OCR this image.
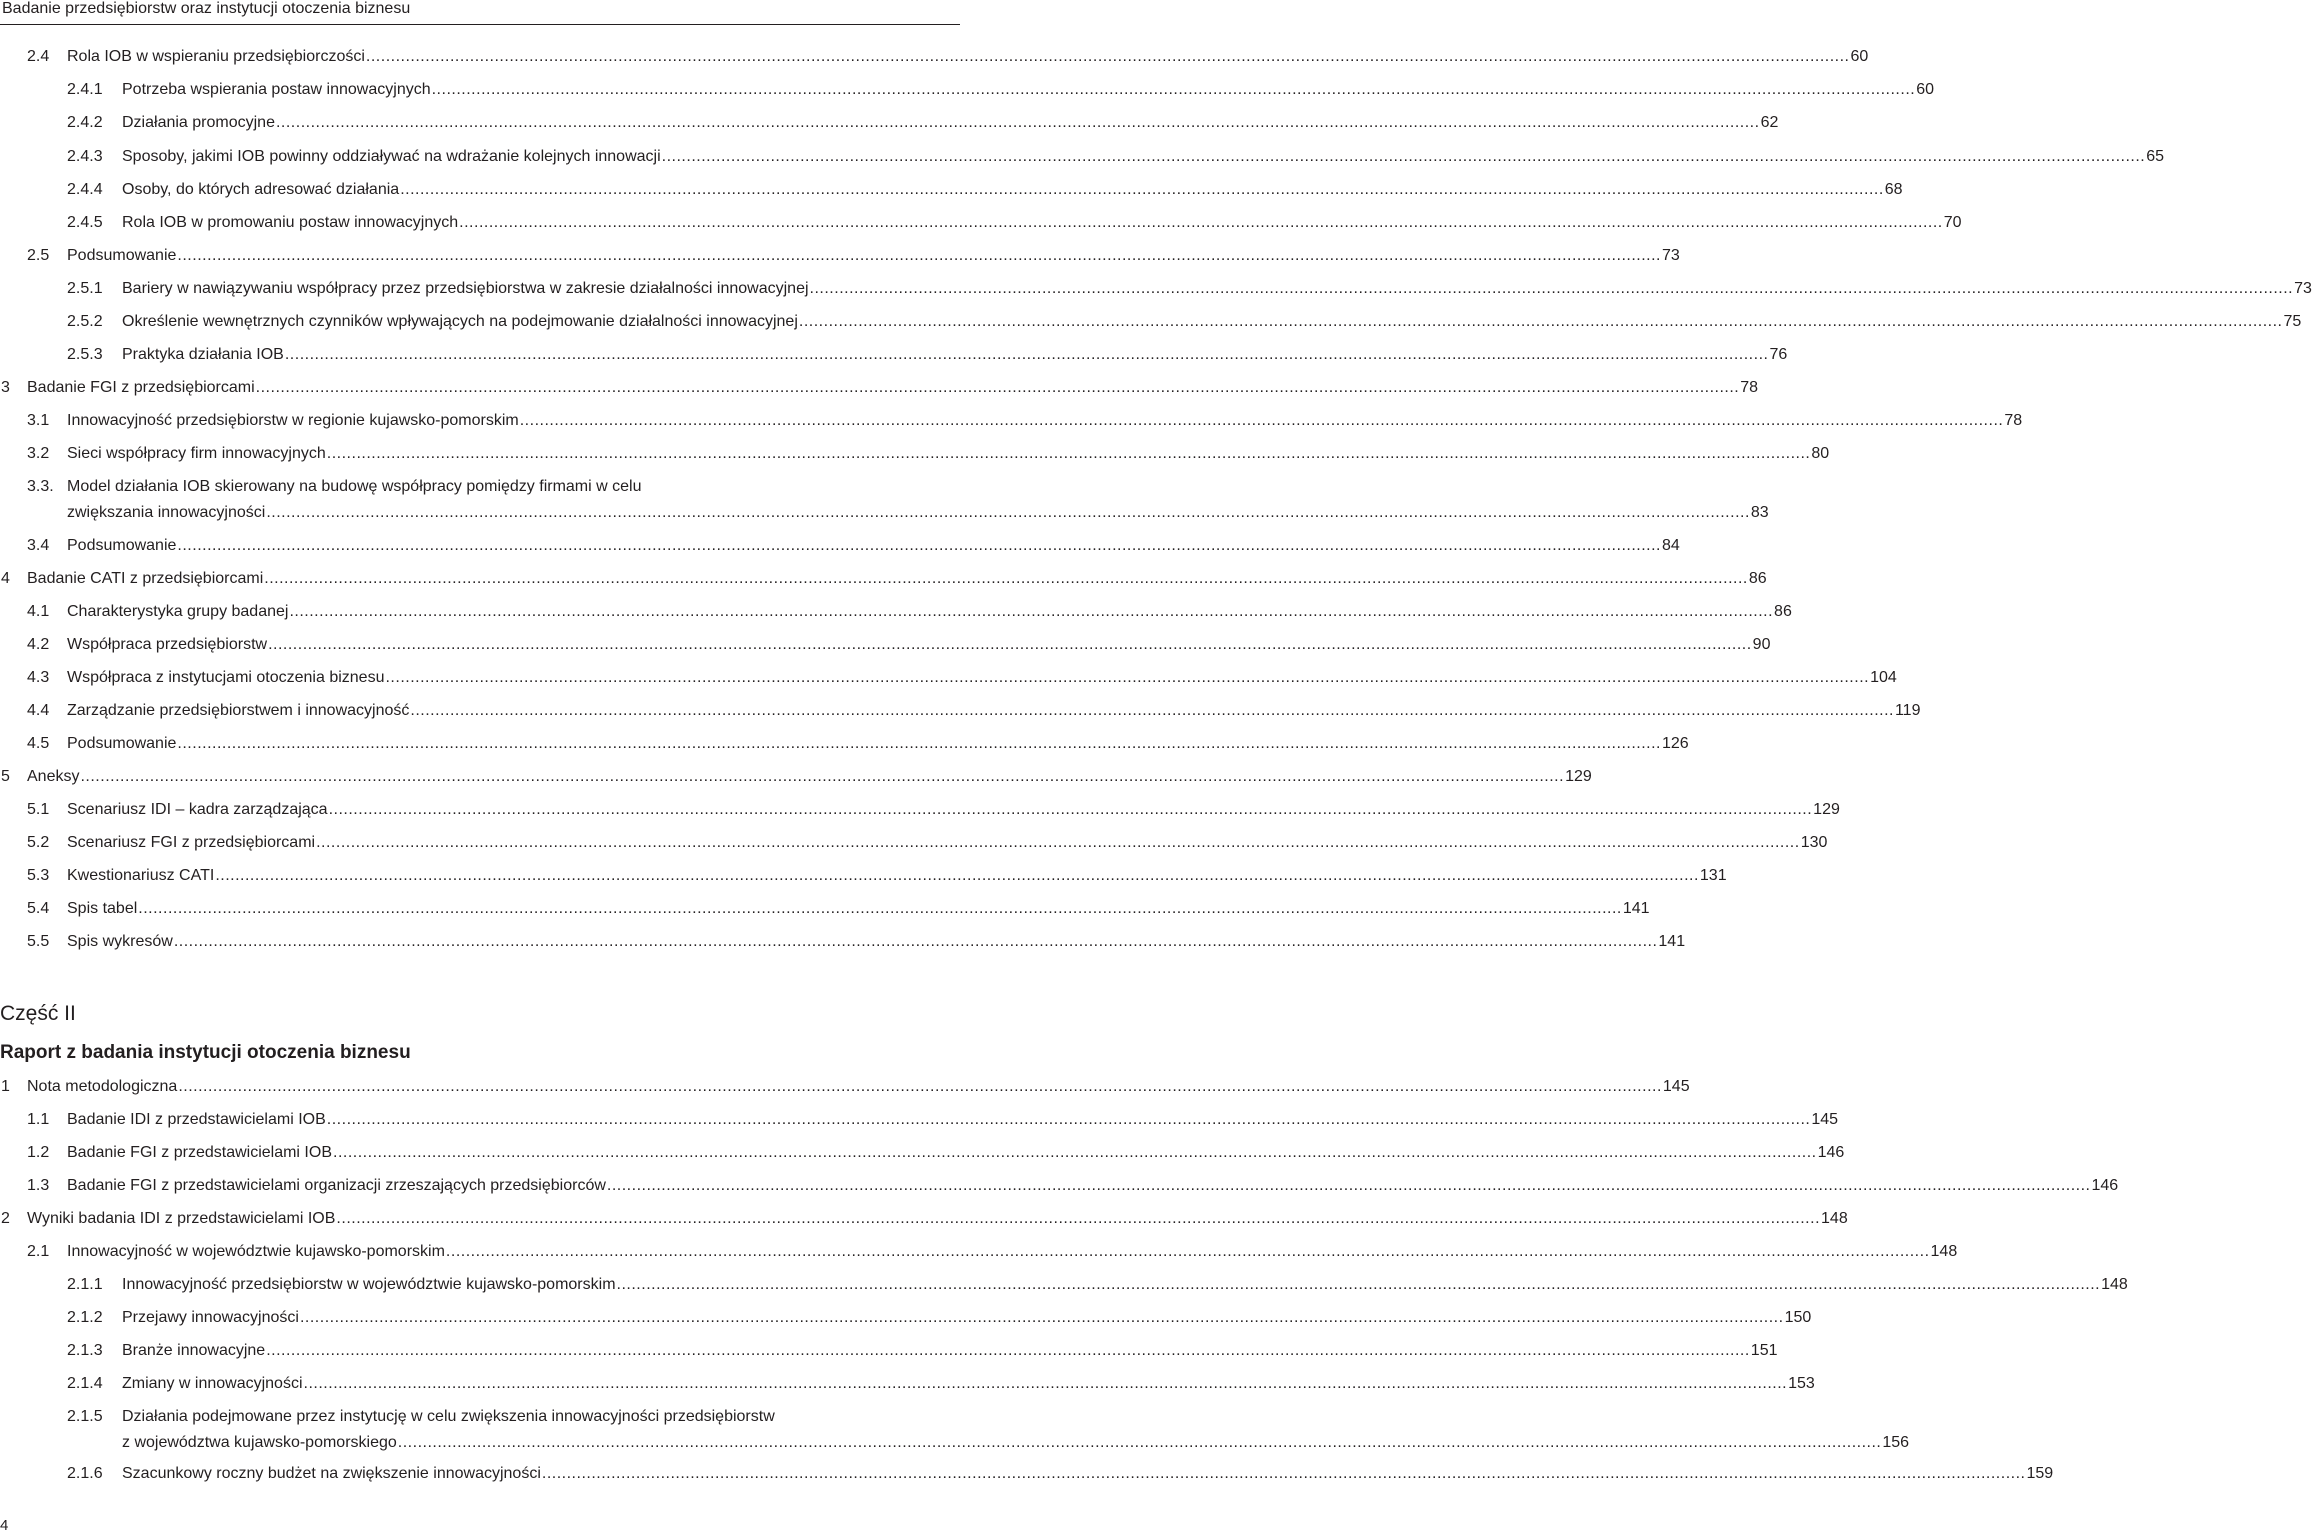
Badanie przedsiębiorstw oraz instytucji otoczenia biznesu
2.4 Rola IOB w wspieraniu przedsiębiorczości ............................................................................................................................................................................................................................................................................................................ 60
2.4.1 Potrzeba wspierania postaw innowacyjnych ............................................................................................................................................................................................................................................................................................................ 60
2.4.2 Działania promocyjne ............................................................................................................................................................................................................................................................................................................ 62
2.4.3 Sposoby, jakimi IOB powinny oddziaływać na wdrażanie kolejnych innowacji ............................................................................................................................................................................................................................................................................................................ 65
2.4.4 Osoby, do których adresować działania ............................................................................................................................................................................................................................................................................................................ 68
2.4.5 Rola IOB w promowaniu postaw innowacyjnych ............................................................................................................................................................................................................................................................................................................ 70
2.5 Podsumowanie ............................................................................................................................................................................................................................................................................................................ 73
2.5.1 Bariery w nawiązywaniu współpracy przez przedsiębiorstwa w zakresie działalności innowacyjnej ............................................................................................................................................................................................................................................................................................................ 73
2.5.2 Określenie wewnętrznych czynników wpływających na podejmowanie działalności innowacyjnej ............................................................................................................................................................................................................................................................................................................ 75
2.5.3 Praktyka działania IOB ............................................................................................................................................................................................................................................................................................................ 76
3 Badanie FGI z przedsiębiorcami ............................................................................................................................................................................................................................................................................................................ 78
3.1 Innowacyjność przedsiębiorstw w regionie kujawsko-pomorskim ............................................................................................................................................................................................................................................................................................................ 78
3.2 Sieci współpracy firm innowacyjnych ............................................................................................................................................................................................................................................................................................................ 80
3.3. Model działania IOB skierowany na budowę współpracy pomiędzy firmami w celu
zwiększania innowacyjności ............................................................................................................................................................................................................................................................................................................ 83
3.4 Podsumowanie ............................................................................................................................................................................................................................................................................................................ 84
4 Badanie CATI z przedsiębiorcami ............................................................................................................................................................................................................................................................................................................ 86
4.1 Charakterystyka grupy badanej ............................................................................................................................................................................................................................................................................................................ 86
4.2 Współpraca przedsiębiorstw ............................................................................................................................................................................................................................................................................................................ 90
4.3 Współpraca z instytucjami otoczenia biznesu ............................................................................................................................................................................................................................................................................................................ 104
4.4 Zarządzanie przedsiębiorstwem i innowacyjność ............................................................................................................................................................................................................................................................................................................ 119
4.5 Podsumowanie ............................................................................................................................................................................................................................................................................................................ 126
5 Aneksy ............................................................................................................................................................................................................................................................................................................ 129
5.1 Scenariusz IDI – kadra zarządzająca ............................................................................................................................................................................................................................................................................................................ 129
5.2 Scenariusz FGI z przedsiębiorcami ............................................................................................................................................................................................................................................................................................................ 130
5.3 Kwestionariusz CATI ............................................................................................................................................................................................................................................................................................................ 131
5.4 Spis tabel ............................................................................................................................................................................................................................................................................................................ 141
5.5 Spis wykresów ............................................................................................................................................................................................................................................................................................................ 141
1 Nota metodologiczna ............................................................................................................................................................................................................................................................................................................ 145
1.1 Badanie IDI z przedstawicielami IOB ............................................................................................................................................................................................................................................................................................................ 145
1.2 Badanie FGI z przedstawicielami IOB ............................................................................................................................................................................................................................................................................................................ 146
1.3 Badanie FGI z przedstawicielami organizacji zrzeszających przedsiębiorców ............................................................................................................................................................................................................................................................................................................ 146
2 Wyniki badania IDI z przedstawicielami IOB ............................................................................................................................................................................................................................................................................................................ 148
2.1 Innowacyjność w województwie kujawsko-pomorskim ............................................................................................................................................................................................................................................................................................................ 148
2.1.1 Innowacyjność przedsiębiorstw w województwie kujawsko-pomorskim ............................................................................................................................................................................................................................................................................................................ 148
2.1.2 Przejawy innowacyjności ............................................................................................................................................................................................................................................................................................................ 150
2.1.3 Branże innowacyjne ............................................................................................................................................................................................................................................................................................................ 151
2.1.4 Zmiany w innowacyjności ............................................................................................................................................................................................................................................................................................................ 153
2.1.5 Działania podejmowane przez instytucję w celu zwiększenia innowacyjności przedsiębiorstw
z województwa kujawsko-pomorskiego ............................................................................................................................................................................................................................................................................................................ 156
2.1.6 Szacunkowy roczny budżet na zwiększenie innowacyjności ............................................................................................................................................................................................................................................................................................................ 159
Część II
Raport z badania instytucji otoczenia biznesu
4
